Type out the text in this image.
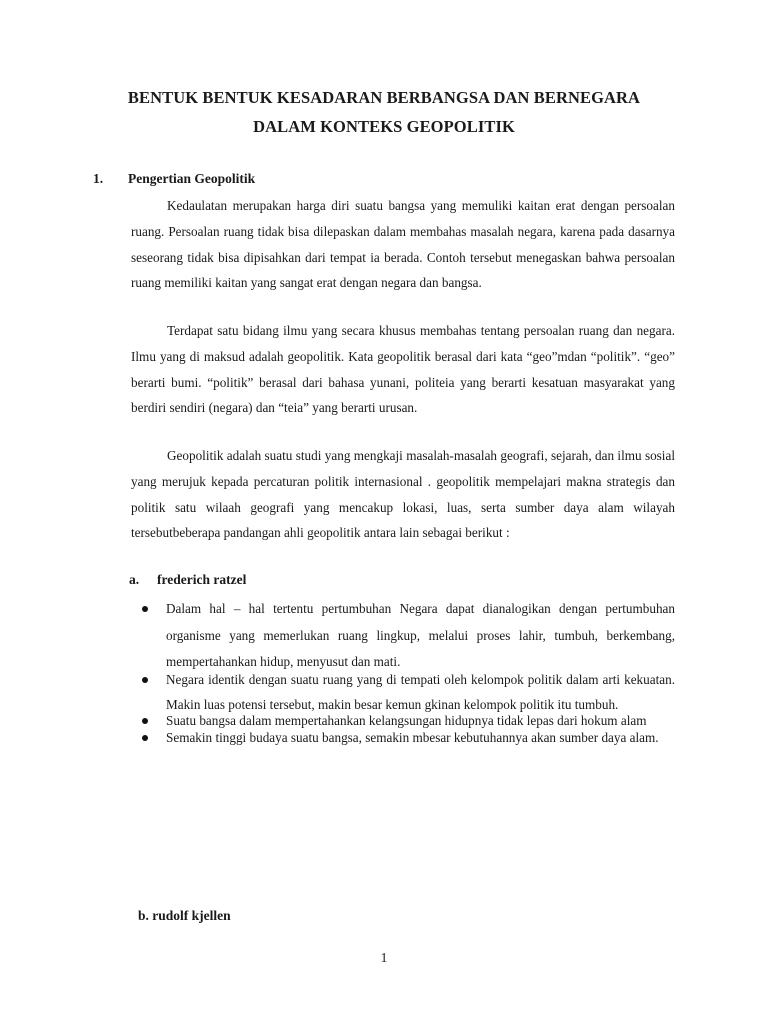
BENTUK BENTUK KESADARAN BERBANGSA DAN BERNEGARA
DALAM KONTEKS GEOPOLITIK
1. Pengertian Geopolitik

Kedaulatan merupakan harga diri suatu bangsa yang memuliki kaitan erat dengan persoalan ruang. Persoalan ruang tidak bisa dilepaskan dalam membahas masalah negara, karena pada dasarnya seseorang tidak bisa dipisahkan dari tempat ia berada. Contoh tersebut menegaskan bahwa persoalan ruang memiliki kaitan yang sangat erat dengan negara dan bangsa.

Terdapat satu bidang ilmu yang secara khusus membahas tentang persoalan ruang dan negara. Ilmu yang di maksud adalah geopolitik. Kata geopolitik berasal dari kata “geo”mdan “politik”. “geo” berarti bumi. “politik” berasal dari bahasa yunani, politeia yang berarti kesatuan masyarakat yang berdiri sendiri (negara) dan “teia” yang berarti urusan.

Geopolitik adalah suatu studi yang mengkaji masalah-masalah geografi, sejarah, dan ilmu sosial yang merujuk kepada percaturan politik internasional . geopolitik mempelajari makna strategis dan politik satu wilaah geografi yang mencakup lokasi, luas, serta sumber daya alam wilayah tersebutbeberapa pandangan ahli geopolitik antara lain sebagai berikut :

a. frederich ratzel
Dalam hal – hal tertentu pertumbuhan Negara dapat dianalogikan dengan pertumbuhan organisme yang memerlukan ruang lingkup, melalui proses lahir, tumbuh, berkembang, mempertahankan hidup, menyusut dan mati.
Negara identik dengan suatu ruang yang di tempati oleh kelompok politik dalam arti kekuatan. Makin luas potensi tersebut, makin besar kemun gkinan kelompok politik itu tumbuh.
Suatu bangsa dalam mempertahankan kelangsungan hidupnya tidak lepas dari hokum alam
Semakin tinggi budaya suatu bangsa, semakin mbesar kebutuhannya akan sumber daya alam.
b. rudolf kjellen
1
